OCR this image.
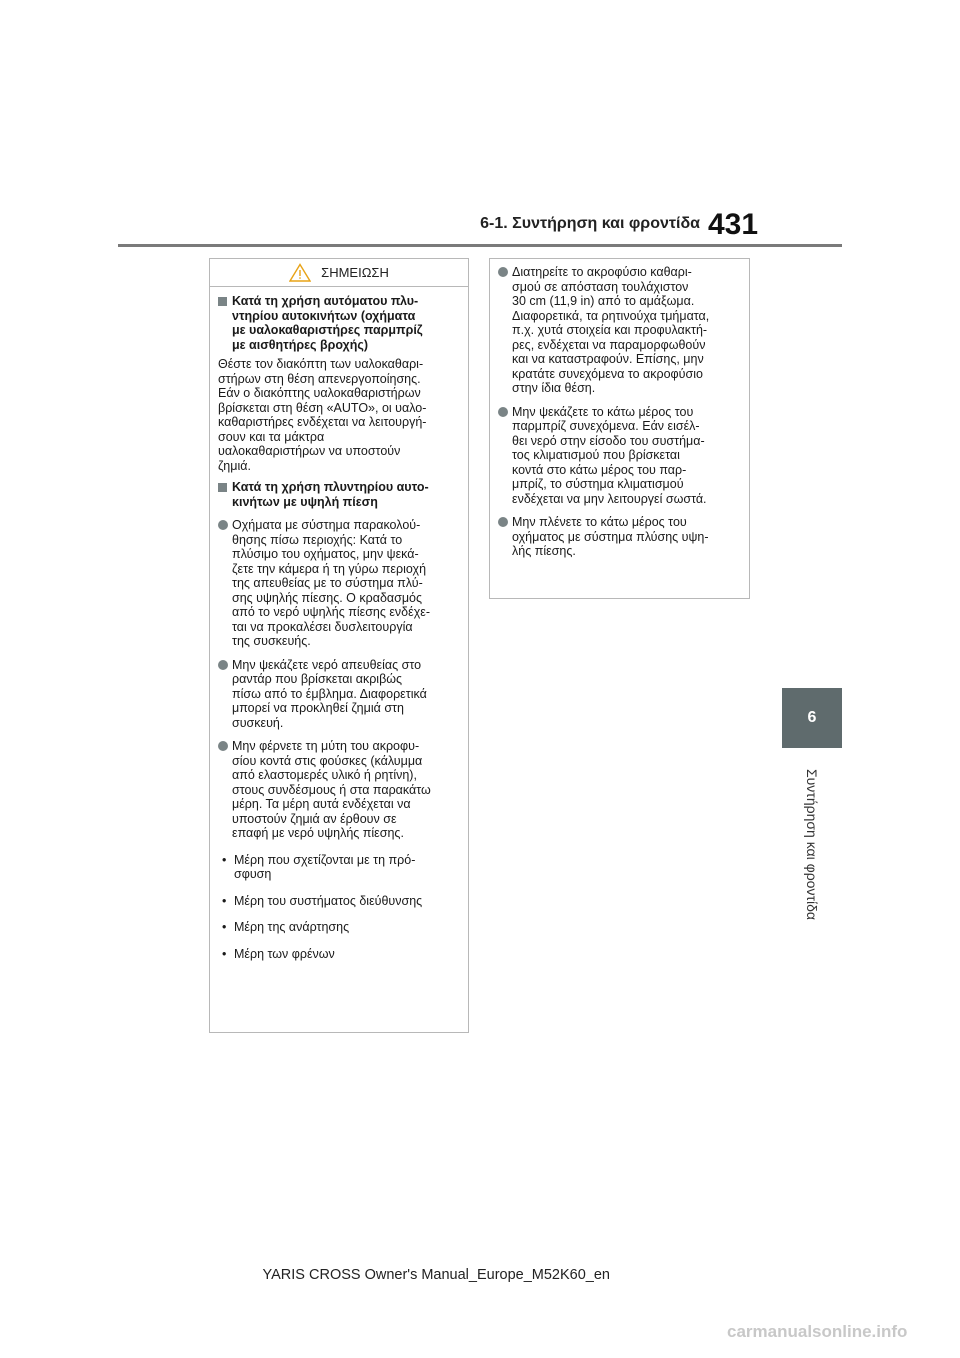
6-1. Συντήρηση και φροντίδα 431
6
Συντήρηση και φροντίδα
ΣΗΜΕΙΩΣΗ
Κατά τη χρήση αυτόματου πλυ-
ντηρίου αυτοκινήτων (οχήματα
με υαλοκαθαριστήρες παρμπρίζ
με αισθητήρες βροχής)
Θέστε τον διακόπτη των υαλοκαθαρι-
στήρων στη θέση απενεργοποίησης.
Εάν ο διακόπτης υαλοκαθαριστήρων
βρίσκεται στη θέση «AUTO», οι υαλο-
καθαριστήρες ενδέχεται να λειτουργή-
σουν και τα μάκτρα
υαλοκαθαριστήρων να υποστούν
ζημιά.
Κατά τη χρήση πλυντηρίου αυτο-
κινήτων με υψηλή πίεση
Οχήματα με σύστημα παρακολού-
θησης πίσω περιοχής: Κατά το
πλύσιμο του οχήματος, μην ψεκά-
ζετε την κάμερα ή τη γύρω περιοχή
της απευθείας με το σύστημα πλύ-
σης υψηλής πίεσης. Ο κραδασμός
από το νερό υψηλής πίεσης ενδέχε-
ται να προκαλέσει δυσλειτουργία
της συσκευής.
Μην ψεκάζετε νερό απευθείας στο
ραντάρ που βρίσκεται ακριβώς
πίσω από το έμβλημα. Διαφορετικά
μπορεί να προκληθεί ζημιά στη
συσκευή.
Μην φέρνετε τη μύτη του ακροφυ-
σίου κοντά στις φούσκες (κάλυμμα
από ελαστομερές υλικό ή ρητίνη),
στους συνδέσμους ή στα παρακάτω
μέρη. Τα μέρη αυτά ενδέχεται να
υποστούν ζημιά αν έρθουν σε
επαφή με νερό υψηλής πίεσης.
• Μέρη που σχετίζονται με τη πρό-
σφυση
• Μέρη του συστήματος διεύθυνσης
• Μέρη της ανάρτησης
• Μέρη των φρένων
Διατηρείτε το ακροφύσιο καθαρι-
σμού σε απόσταση τουλάχιστον
30 cm (11,9 in) από το αμάξωμα.
Διαφορετικά, τα ρητινούχα τμήματα,
π.χ. χυτά στοιχεία και προφυλακτή-
ρες, ενδέχεται να παραμορφωθούν
και να καταστραφούν. Επίσης, μην
κρατάτε συνεχόμενα το ακροφύσιο
στην ίδια θέση.
Μην ψεκάζετε το κάτω μέρος του
παρμπρίζ συνεχόμενα. Εάν εισέλ-
θει νερό στην είσοδο του συστήμα-
τος κλιματισμού που βρίσκεται
κοντά στο κάτω μέρος του παρ-
μπρίζ, το σύστημα κλιματισμού
ενδέχεται να μην λειτουργεί σωστά.
Μην πλένετε το κάτω μέρος του
οχήματος με σύστημα πλύσης υψη-
λής πίεσης.
YARIS CROSS Owner's Manual_Europe_M52K60_en
carmanualsonline.info
